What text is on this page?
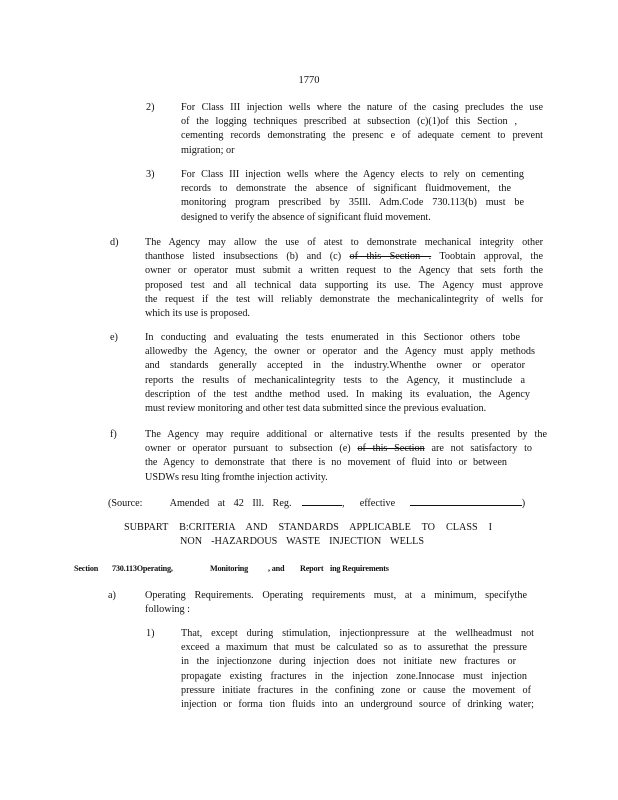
1770
2)	For Class III injection wells where the nature of the casing precludes the use
of the logging techniques prescribed at subsection (c)(1)of this Section ,
cementing records demonstrating the presenc e of adequate cement to prevent
migration; or
3)	For Class III injection wells where the Agency elects to rely on cementing
records to demonstrate the absence of significant fluidmovement, the
monitoring program prescribed by 35Ill. Adm.Code 730.113(b) must be
designed to verify the absence of significant fluid movement.
d)	The Agency may allow the use of atest to demonstrate mechanical integrity other
thanthose listed insubsections (b) and (c) of this Section . Toobtain approval, the
owner or operator must submit a written request to the Agency that sets forth the
proposed test and all technical data supporting its use. The Agency must approve
the request if the test will reliably demonstrate the mechanicalintegrity of wells for
which its use is proposed.
e)	In conducting and evaluating the tests enumerated in this Sectionor others tobe
allowedby the Agency, the owner or operator and the Agency must apply methods
and standards generally accepted in the industry.Whenthe owner or operator
reports the results of mechanicalintegrity tests to the Agency, it mustinclude a
description of the test andthe method used. In making its evaluation, the Agency
must review monitoring and other test data submitted since the previous evaluation.
f)	The Agency may require additional or alternative tests if the results presented by the
owner or operator pursuant to subsection (e) of this Section are not satisfactory to
the Agency to demonstrate that there is no movement of fluid into or between
USDWs resu lting fromthe injection activity.
(Source:	Amended at 42 Ill. Reg.	, effective	)
SUBPART B:CRITERIA AND STANDARDS APPLICABLE TO CLASS I
NON -HAZARDOUS WASTE INJECTION WELLS
Section 730.113Operating,	Monitoring , and Report ing Requirements
a)	Operating Requirements. Operating requirements must, at a minimum, specifythe
following :
1)	That, except during stimulation, injectionpressure at the wellheadmust not
exceed a maximum that must be calculated so as to assurethat the pressure
in the injectionzone during injection does not initiate new fractures or
propagate existing fractures in the injection zone.Innocase must injection
pressure initiate fractures in the confining zone or cause the movement of
injection or forma tion fluids into an underground source of drinking water;
